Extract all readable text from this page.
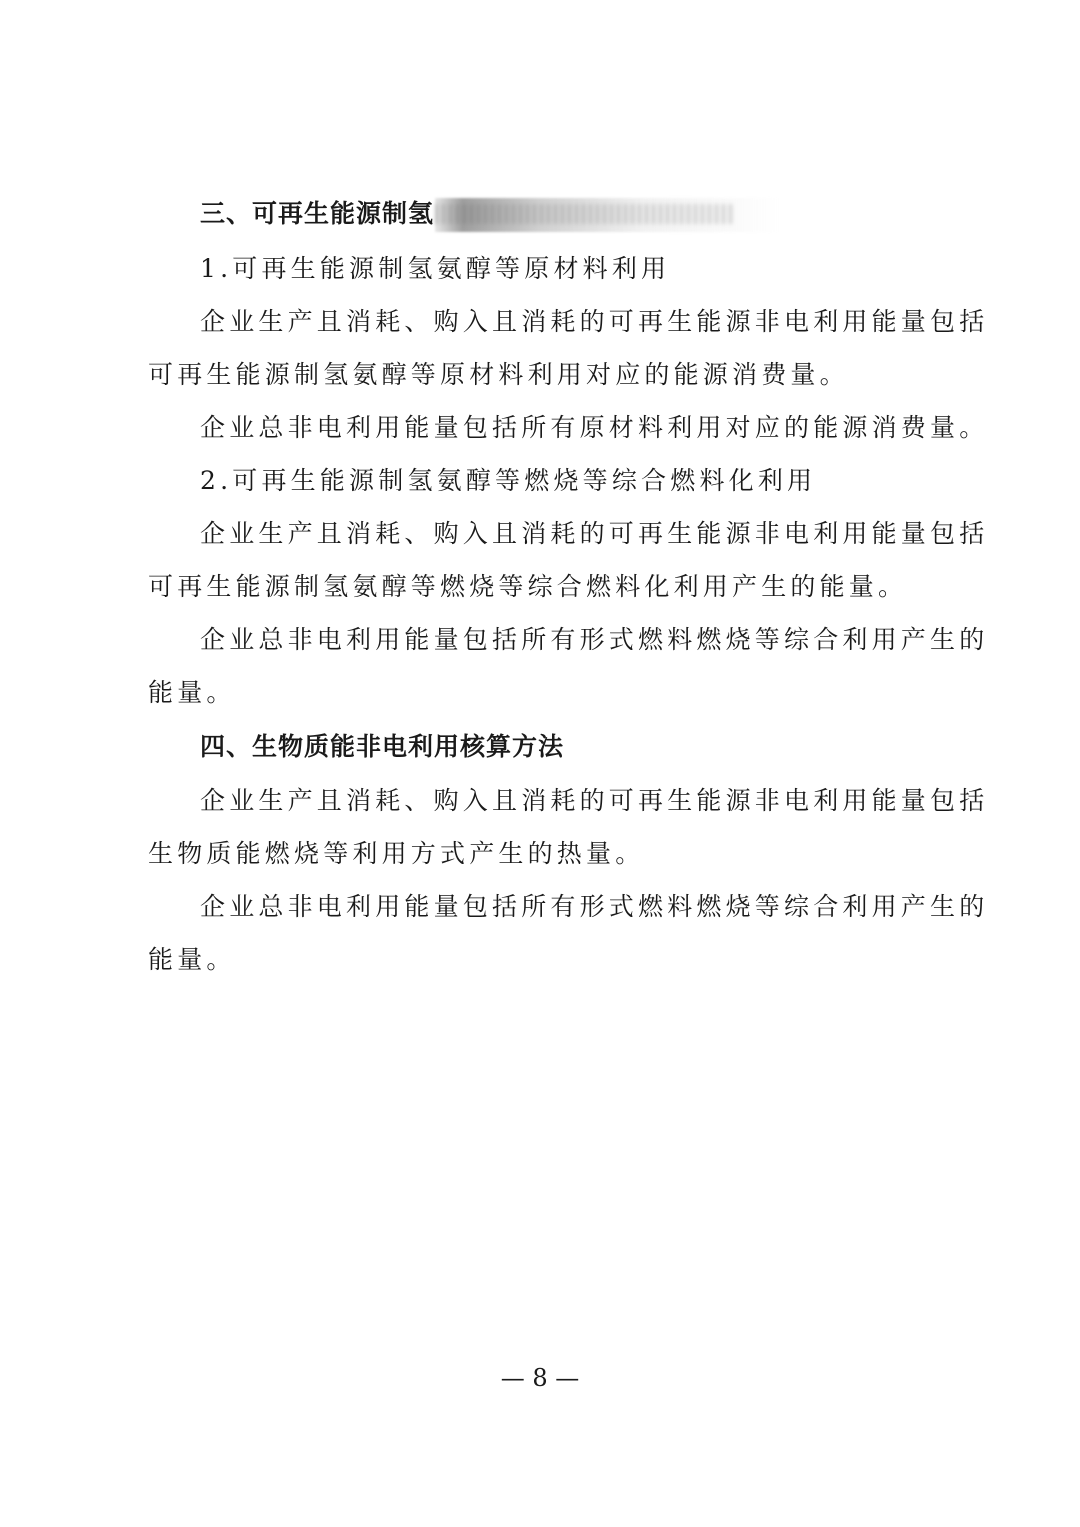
三、可再生能源制氢
1.可再生能源制氢氨醇等原材料利用
企业生产且消耗、购入且消耗的可再生能源非电利用能量包括
可再生能源制氢氨醇等原材料利用对应的能源消费量。
企业总非电利用能量包括所有原材料利用对应的能源消费量。
2.可再生能源制氢氨醇等燃烧等综合燃料化利用
企业生产且消耗、购入且消耗的可再生能源非电利用能量包括
可再生能源制氢氨醇等燃烧等综合燃料化利用产生的能量。
企业总非电利用能量包括所有形式燃料燃烧等综合利用产生的
能量。
四、生物质能非电利用核算方法
企业生产且消耗、购入且消耗的可再生能源非电利用能量包括
生物质能燃烧等利用方式产生的热量。
企业总非电利用能量包括所有形式燃料燃烧等综合利用产生的
能量。
— 8 —
